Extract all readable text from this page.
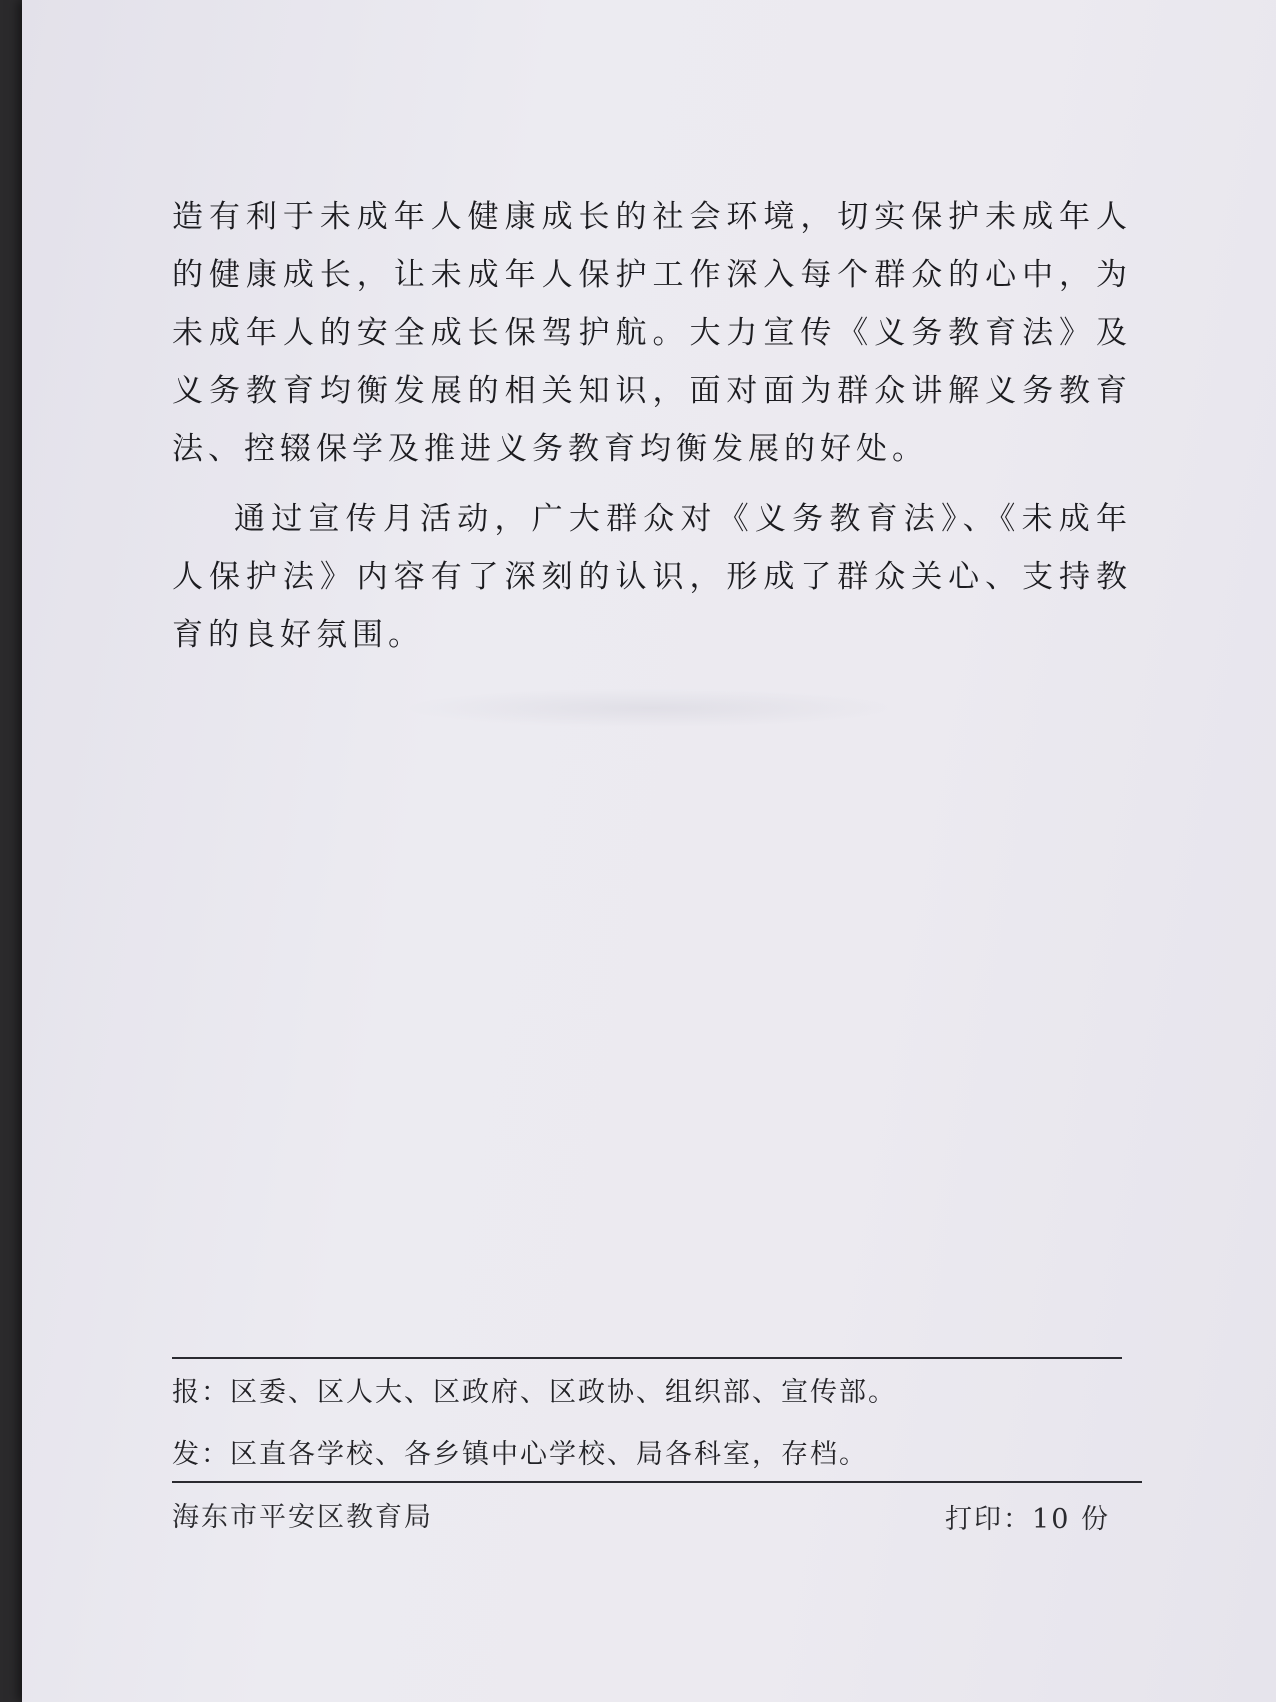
造有利于未成年人健康成长的社会环境，切实保护未成年人的健康成长，让未成年人保护工作深入每个群众的心中，为未成年人的安全成长保驾护航。大力宣传《义务教育法》及义务教育均衡发展的相关知识，面对面为群众讲解义务教育法、控辍保学及推进义务教育均衡发展的好处。

通过宣传月活动，广大群众对《义务教育法》、《未成年人保护法》内容有了深刻的认识，形成了群众关心、支持教育的良好氛围。

报：区委、区人大、区政府、区政协、组织部、宣传部。
发：区直各学校、各乡镇中心学校、局各科室，存档。
海东市平安区教育局	打印：10 份
